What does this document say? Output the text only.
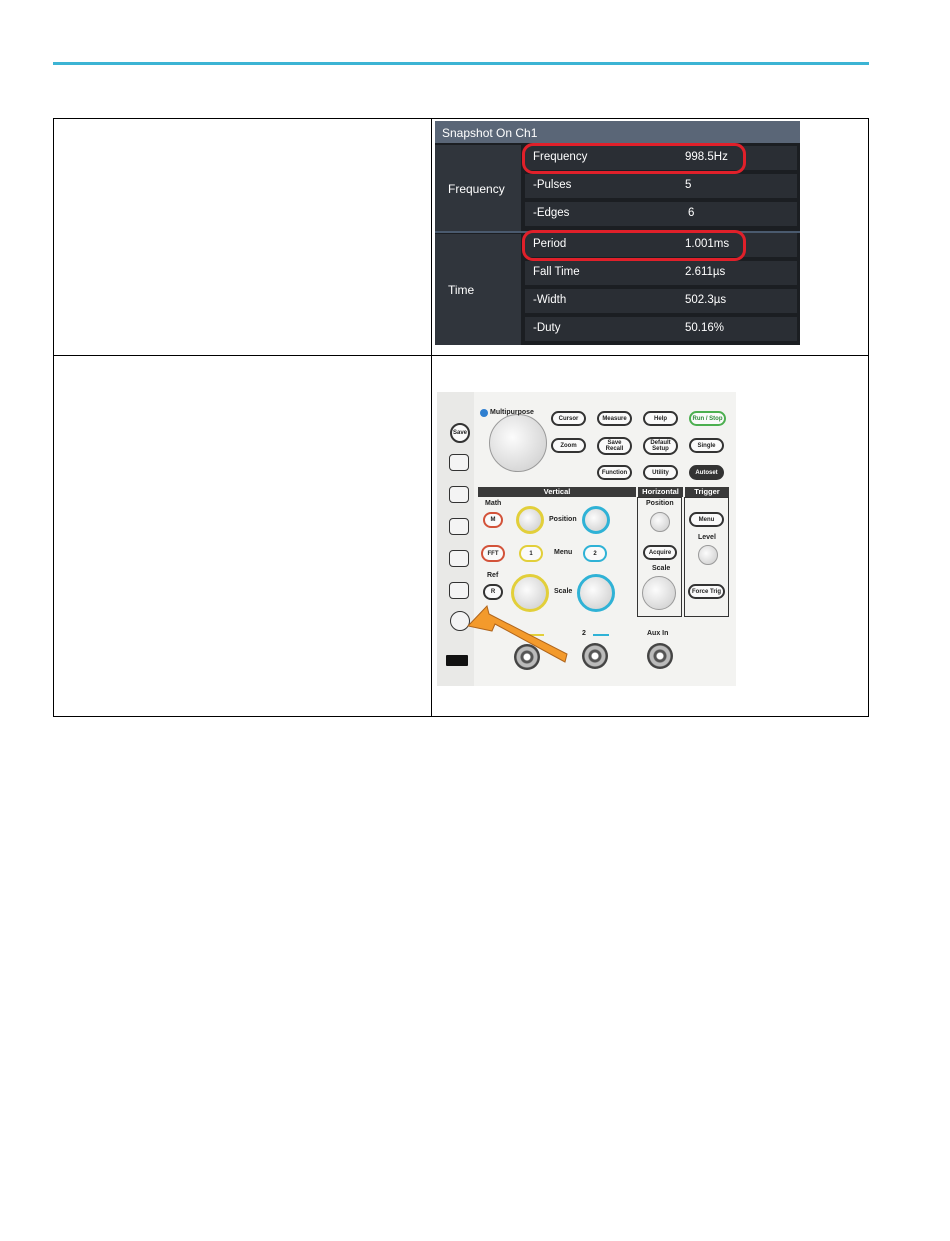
Snapshot On Ch1
Frequency
Time
Frequency	998.5Hz
-Pulses	5
-Edges	6
Period	1.001ms
Fall Time	2.611µs
-Width	502.3µs
-Duty	50.16%
Save
Multipurpose
Cursor	Measure	Help	Run / Stop
Zoom	Save Recall
Default Setup
Single
Function	Utility	Autoset
Vertical	Horizontal	Trigger
Math
M
FFT
Ref
R
Position
1	Menu	2
Scale
Position
Acquire
Scale
Menu
Level
Force Trig
2	Aux In
